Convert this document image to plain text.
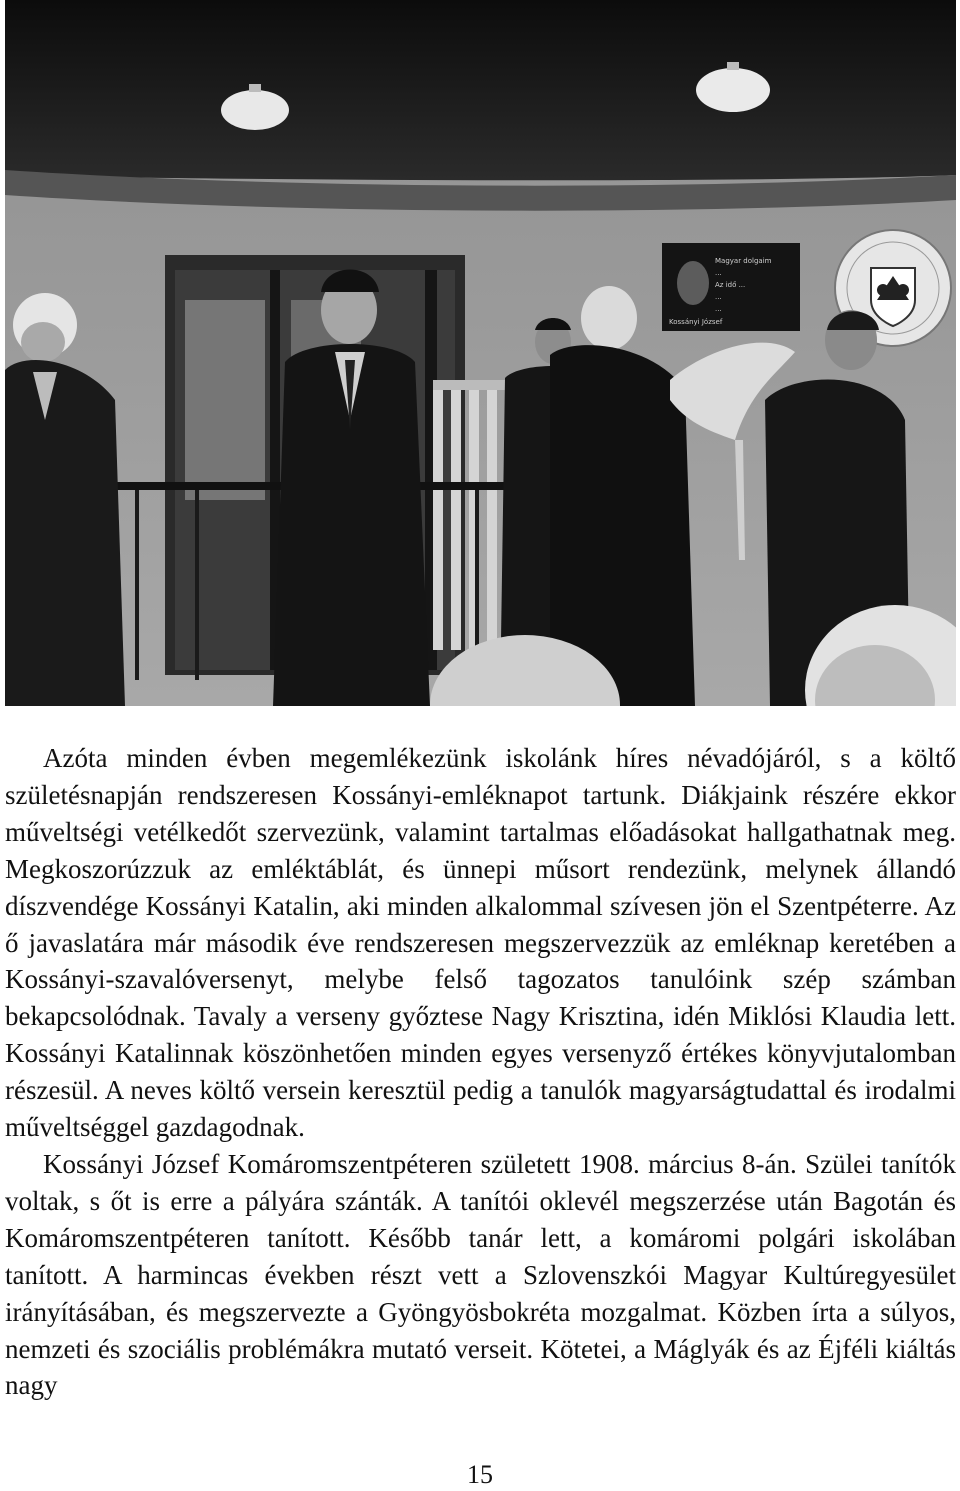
Magyar dolgaim
...
Az idő ...
...
...
Kossányi József

Azóta minden évben megemlékezünk iskolánk híres névadójáról, s a költő születésnapján rendszeresen Kossányi-emléknapot tartunk. Diákjaink részére ekkor műveltségi vetélkedőt szervezünk, valamint tartalmas előadásokat hallgathatnak meg. Megkoszorúzzuk az emléktáblát, és ünnepi műsort rendezünk, melynek állandó díszvendége Kossányi Katalin, aki minden alkalommal szívesen jön el Szentpéterre. Az ő javaslatára már második éve rendszeresen megszervezzük az emléknap keretében a Kossányi-szavalóversenyt, melybe felső tagozatos tanulóink szép számban bekapcsolódnak. Tavaly a verseny győztese Nagy Krisztina, idén Miklósi Klaudia lett. Kossányi Katalinnak köszönhetően minden egyes versenyző értékes könyvjutalomban részesül. A neves költő versein keresztül pedig a tanulók magyarságtudattal és irodalmi műveltséggel gazdagodnak.

Kossányi József Komáromszentpéteren született 1908. március 8-án. Szülei tanítók voltak, s őt is erre a pályára szánták. A tanítói oklevél megszerzése után Bagotán és Komáromszentpéteren tanított. Később tanár lett, a komáromi polgári iskolában tanított. A harmincas években részt vett a Szlovenszkói Magyar Kultúregyesület irányításában, és megszervezte a Gyöngyösbokréta mozgalmat. Közben írta a súlyos, nemzeti és szociális problémákra mutató verseit. Kötetei, a Máglyák és az Éjféli kiáltás nagy

15
